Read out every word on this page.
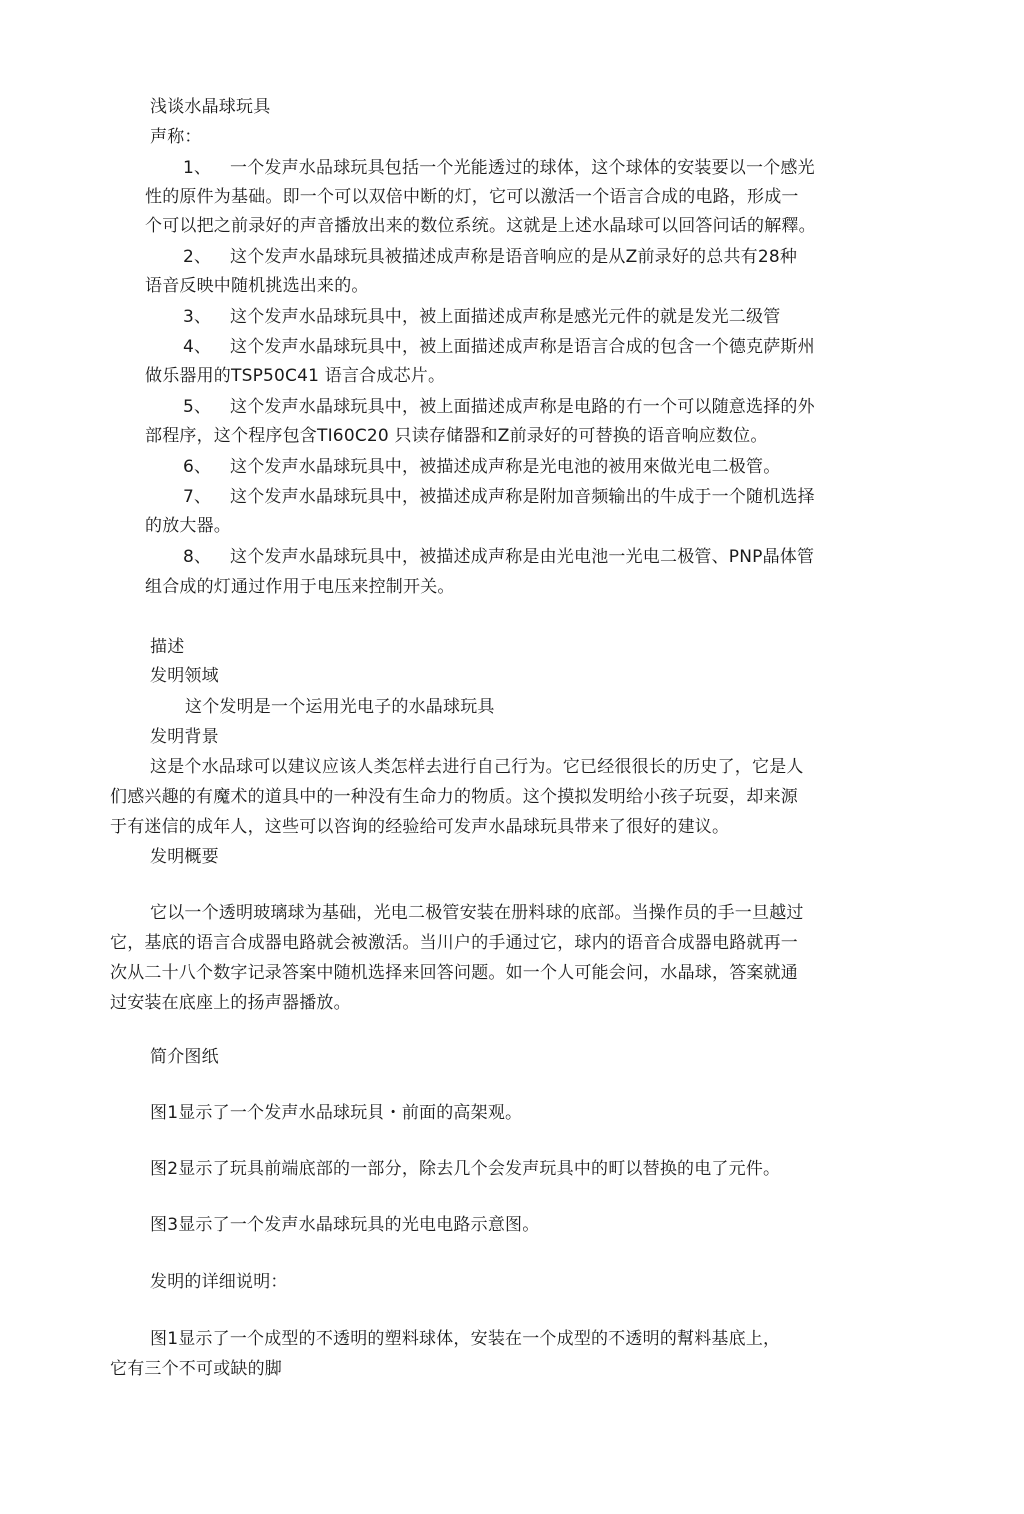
浅谈水晶球玩具
声称：
1、 一个发声水品球玩具包括一个光能透过的球体，这个球体的安装要以一个感光
性的原件为基础。即一个可以双倍中断的灯，它可以激活一个语言合成的电路，形成一
个可以把之前录好的声音播放出来的数位系统。这就是上述水晶球可以回答问话的解釋。
2、 这个发声水晶球玩具被描述成声称是语音响应的是从Z前录好的总共有28种
语音反映中随机挑选出来的。
3、 这个发声水品球玩具中，被上面描述成声称是感光元件的就是发光二级管
4、 这个发声水晶球玩具中，被上面描述成声称是语言合成的包含一个德克萨斯州
做乐器用的TSP50C41 语言合成芯片。
5、 这个发声水晶球玩具中，被上面描述成声称是电路的冇一个可以随意选择的外
部程序，这个程序包含TI60C20 只读存储器和Z前录好的可替换的语音响应数位。
6、 这个发声水晶球玩具中，被描述成声称是光电池的被用來做光电二极管。
7、 这个发声水晶球玩具中，被描述成声称是附加音频输出的牛成于一个随机选择
的放大器。
8、 这个发声水晶球玩具中，被描述成声称是由光电池一光电二极管、PNP晶体管
组合成的灯通过作用于电压来控制开关。
描述
发明领域
这个发明是一个运用光电子的水晶球玩具
发明背景
这是个水品球可以建议应该人类怎样去进行自己行为。它已经很很长的历史了，它是人
们感兴趣的有魔术的道具中的一种没有生命力的物质。这个摸拟发明给小孩子玩耍，却来源
于有迷信的成年人，这些可以咨询的经验给可发声水晶球玩具带来了很好的建议。
发明概要
它以一个透明玻璃球为基础，光电二极管安装在册料球的底部。当操作员的手一旦越过
它，基底的语言合成器电路就会被激活。当川户的手通过它，球内的语音合成器电路就再一
次从二十八个数字记录答案中随机选择来回答问题。如一个人可能会问，水晶球，答案就通
过安装在底座上的扬声器播放。
简介图纸
图1显示了一个发声水品球玩貝・前面的高架观。
图2显示了玩具前端底部的一部分，除去几个会发声玩具中的町以替换的电了元件。
图3显示了一个发声水晶球玩具的光电电路示意图。
发明的详细说明：
图1显示了一个成型的不透明的塑料球体，安装在一个成型的不透明的幫料基底上，
它有三个不可或缺的脚
